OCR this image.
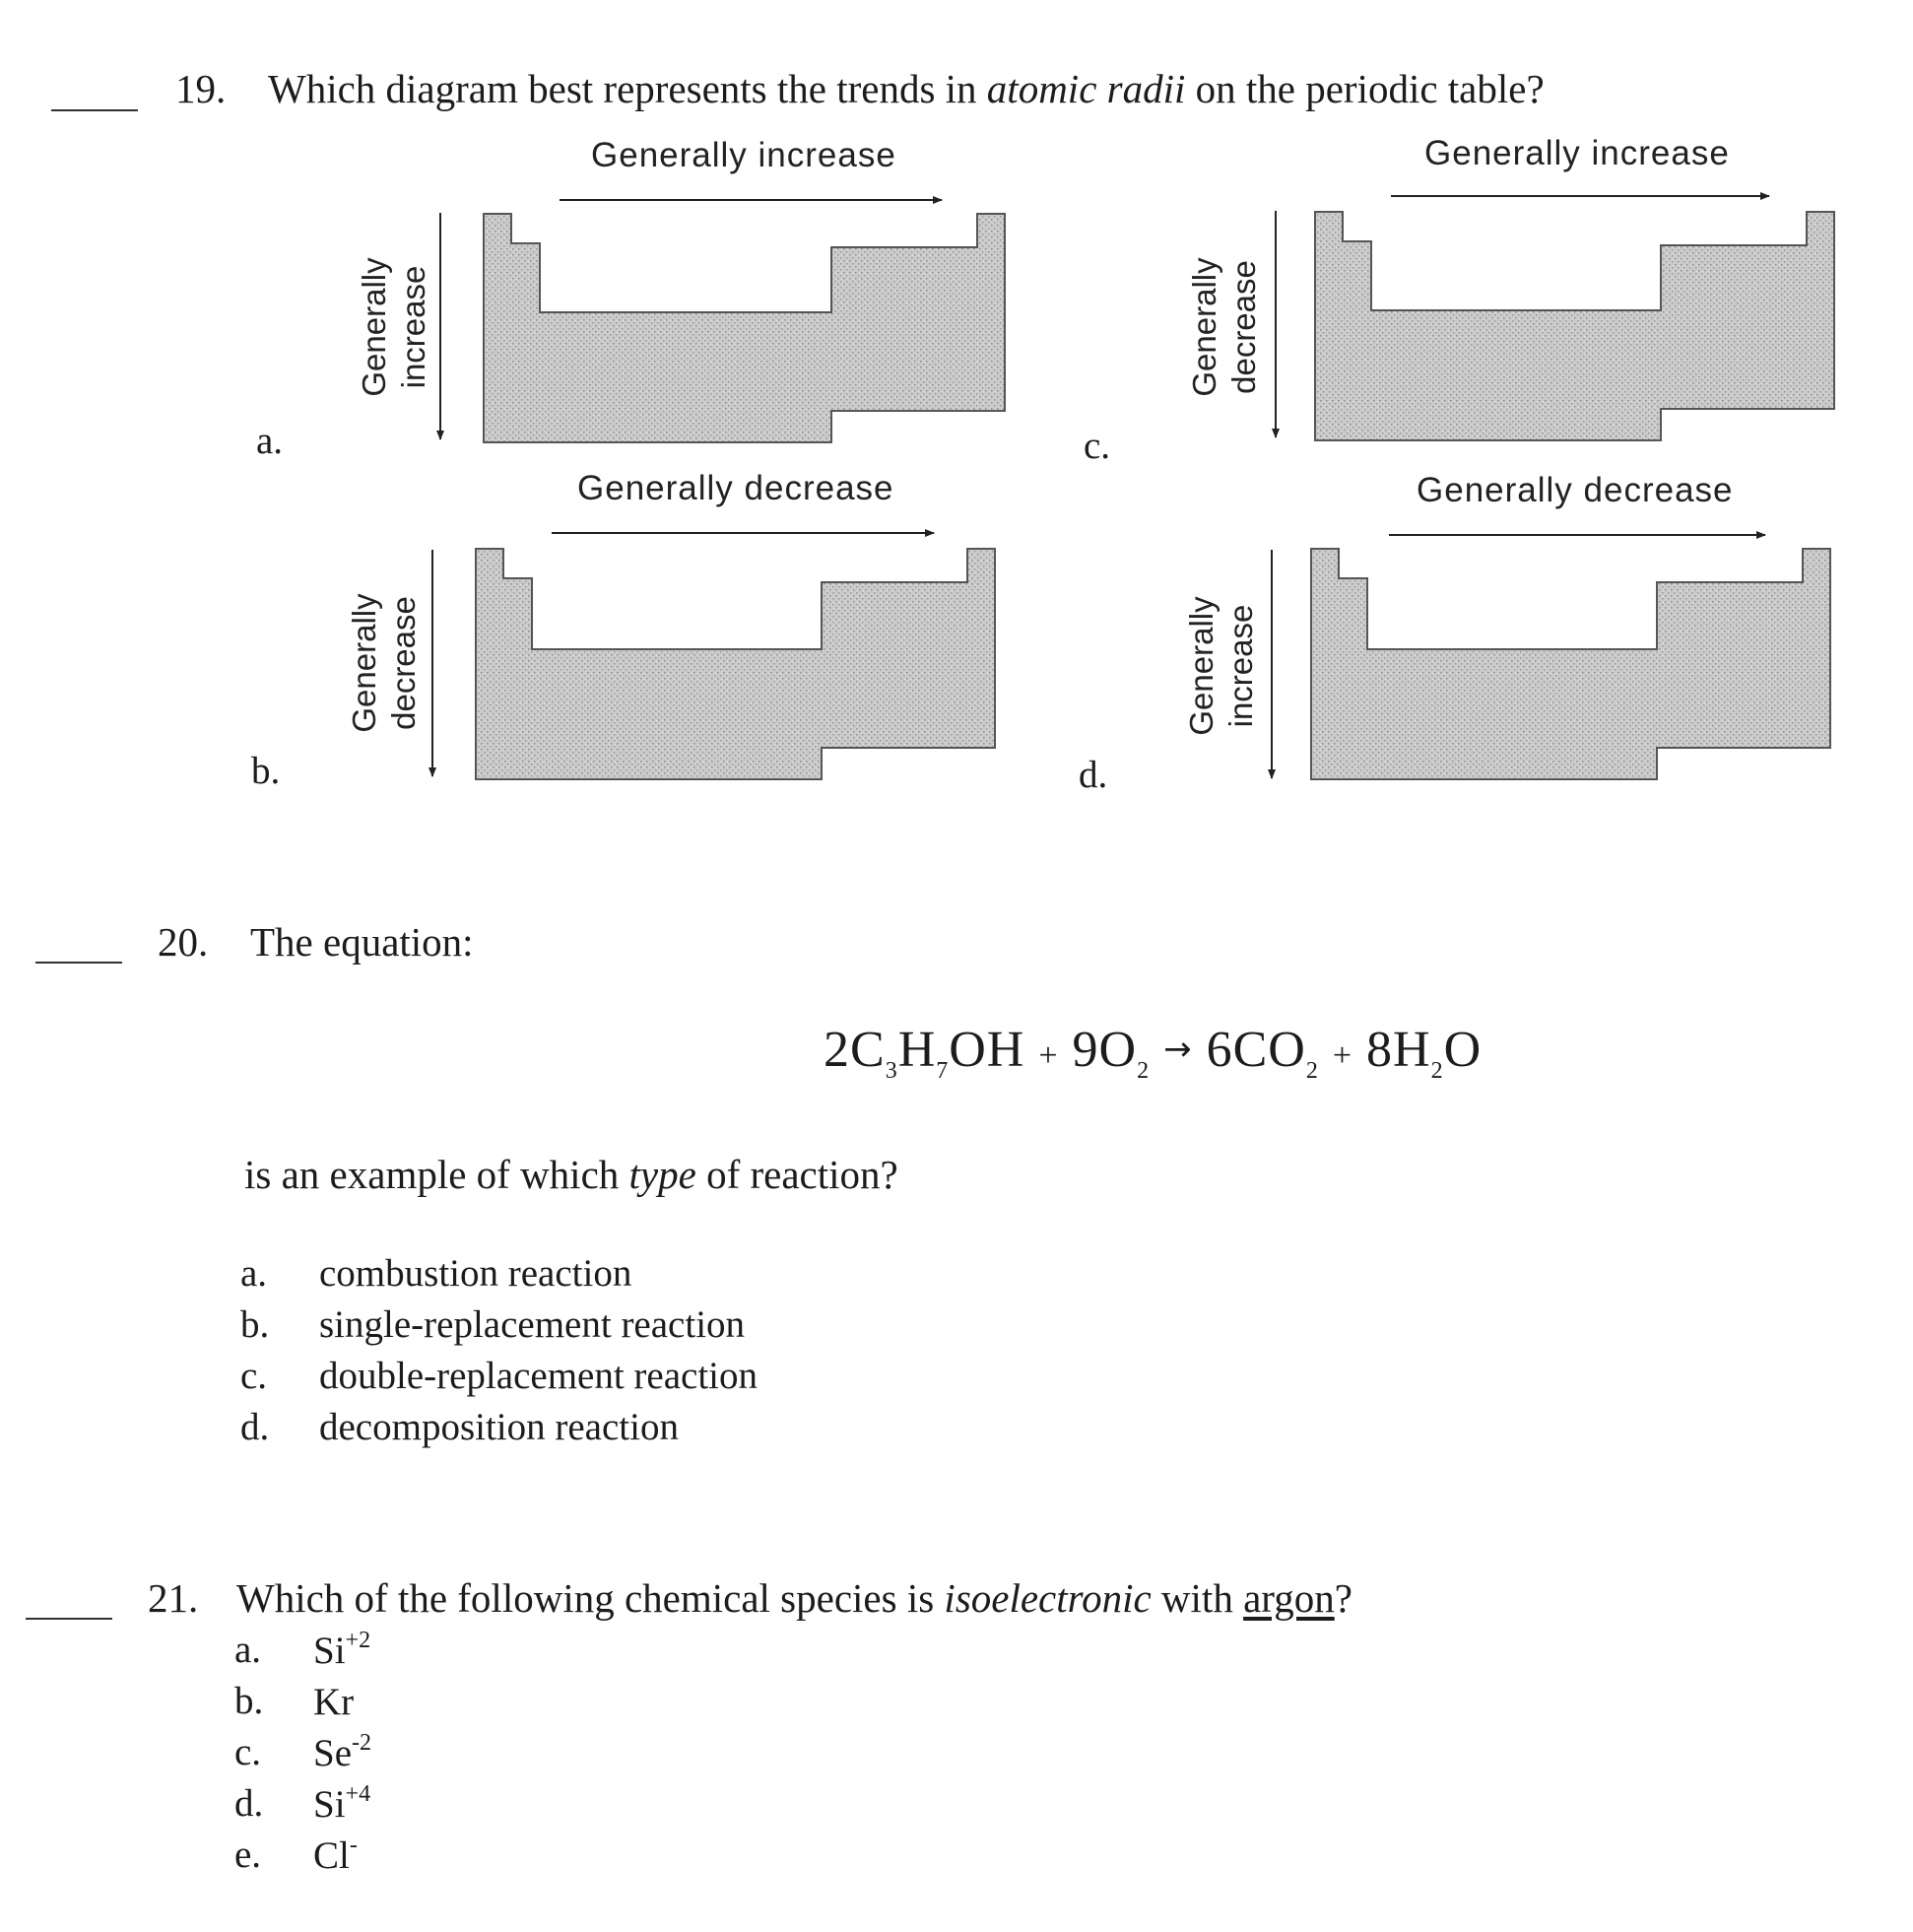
19. Which diagram best represents the trends in atomic radii on the periodic table?
a.
Generally increase
Generally increase
c.
Generally increase
Generally decrease
b.
Generally decrease
Generally decrease
d.
Generally decrease
Generally increase
20. The equation:
$2C_3H_7OH + 9O_2 \to 6CO_2 + 8H_2O$
is an example of which type of reaction?
a. combustion reaction
b. single-replacement reaction
c. double-replacement reaction
d. decomposition reaction
21. Which of the following chemical species is isoelectronic with argon?
a. $Si^{+2}$
b. Kr
c. $Se^{-2}$
d. $Si^{+4}$
e. Cl-
